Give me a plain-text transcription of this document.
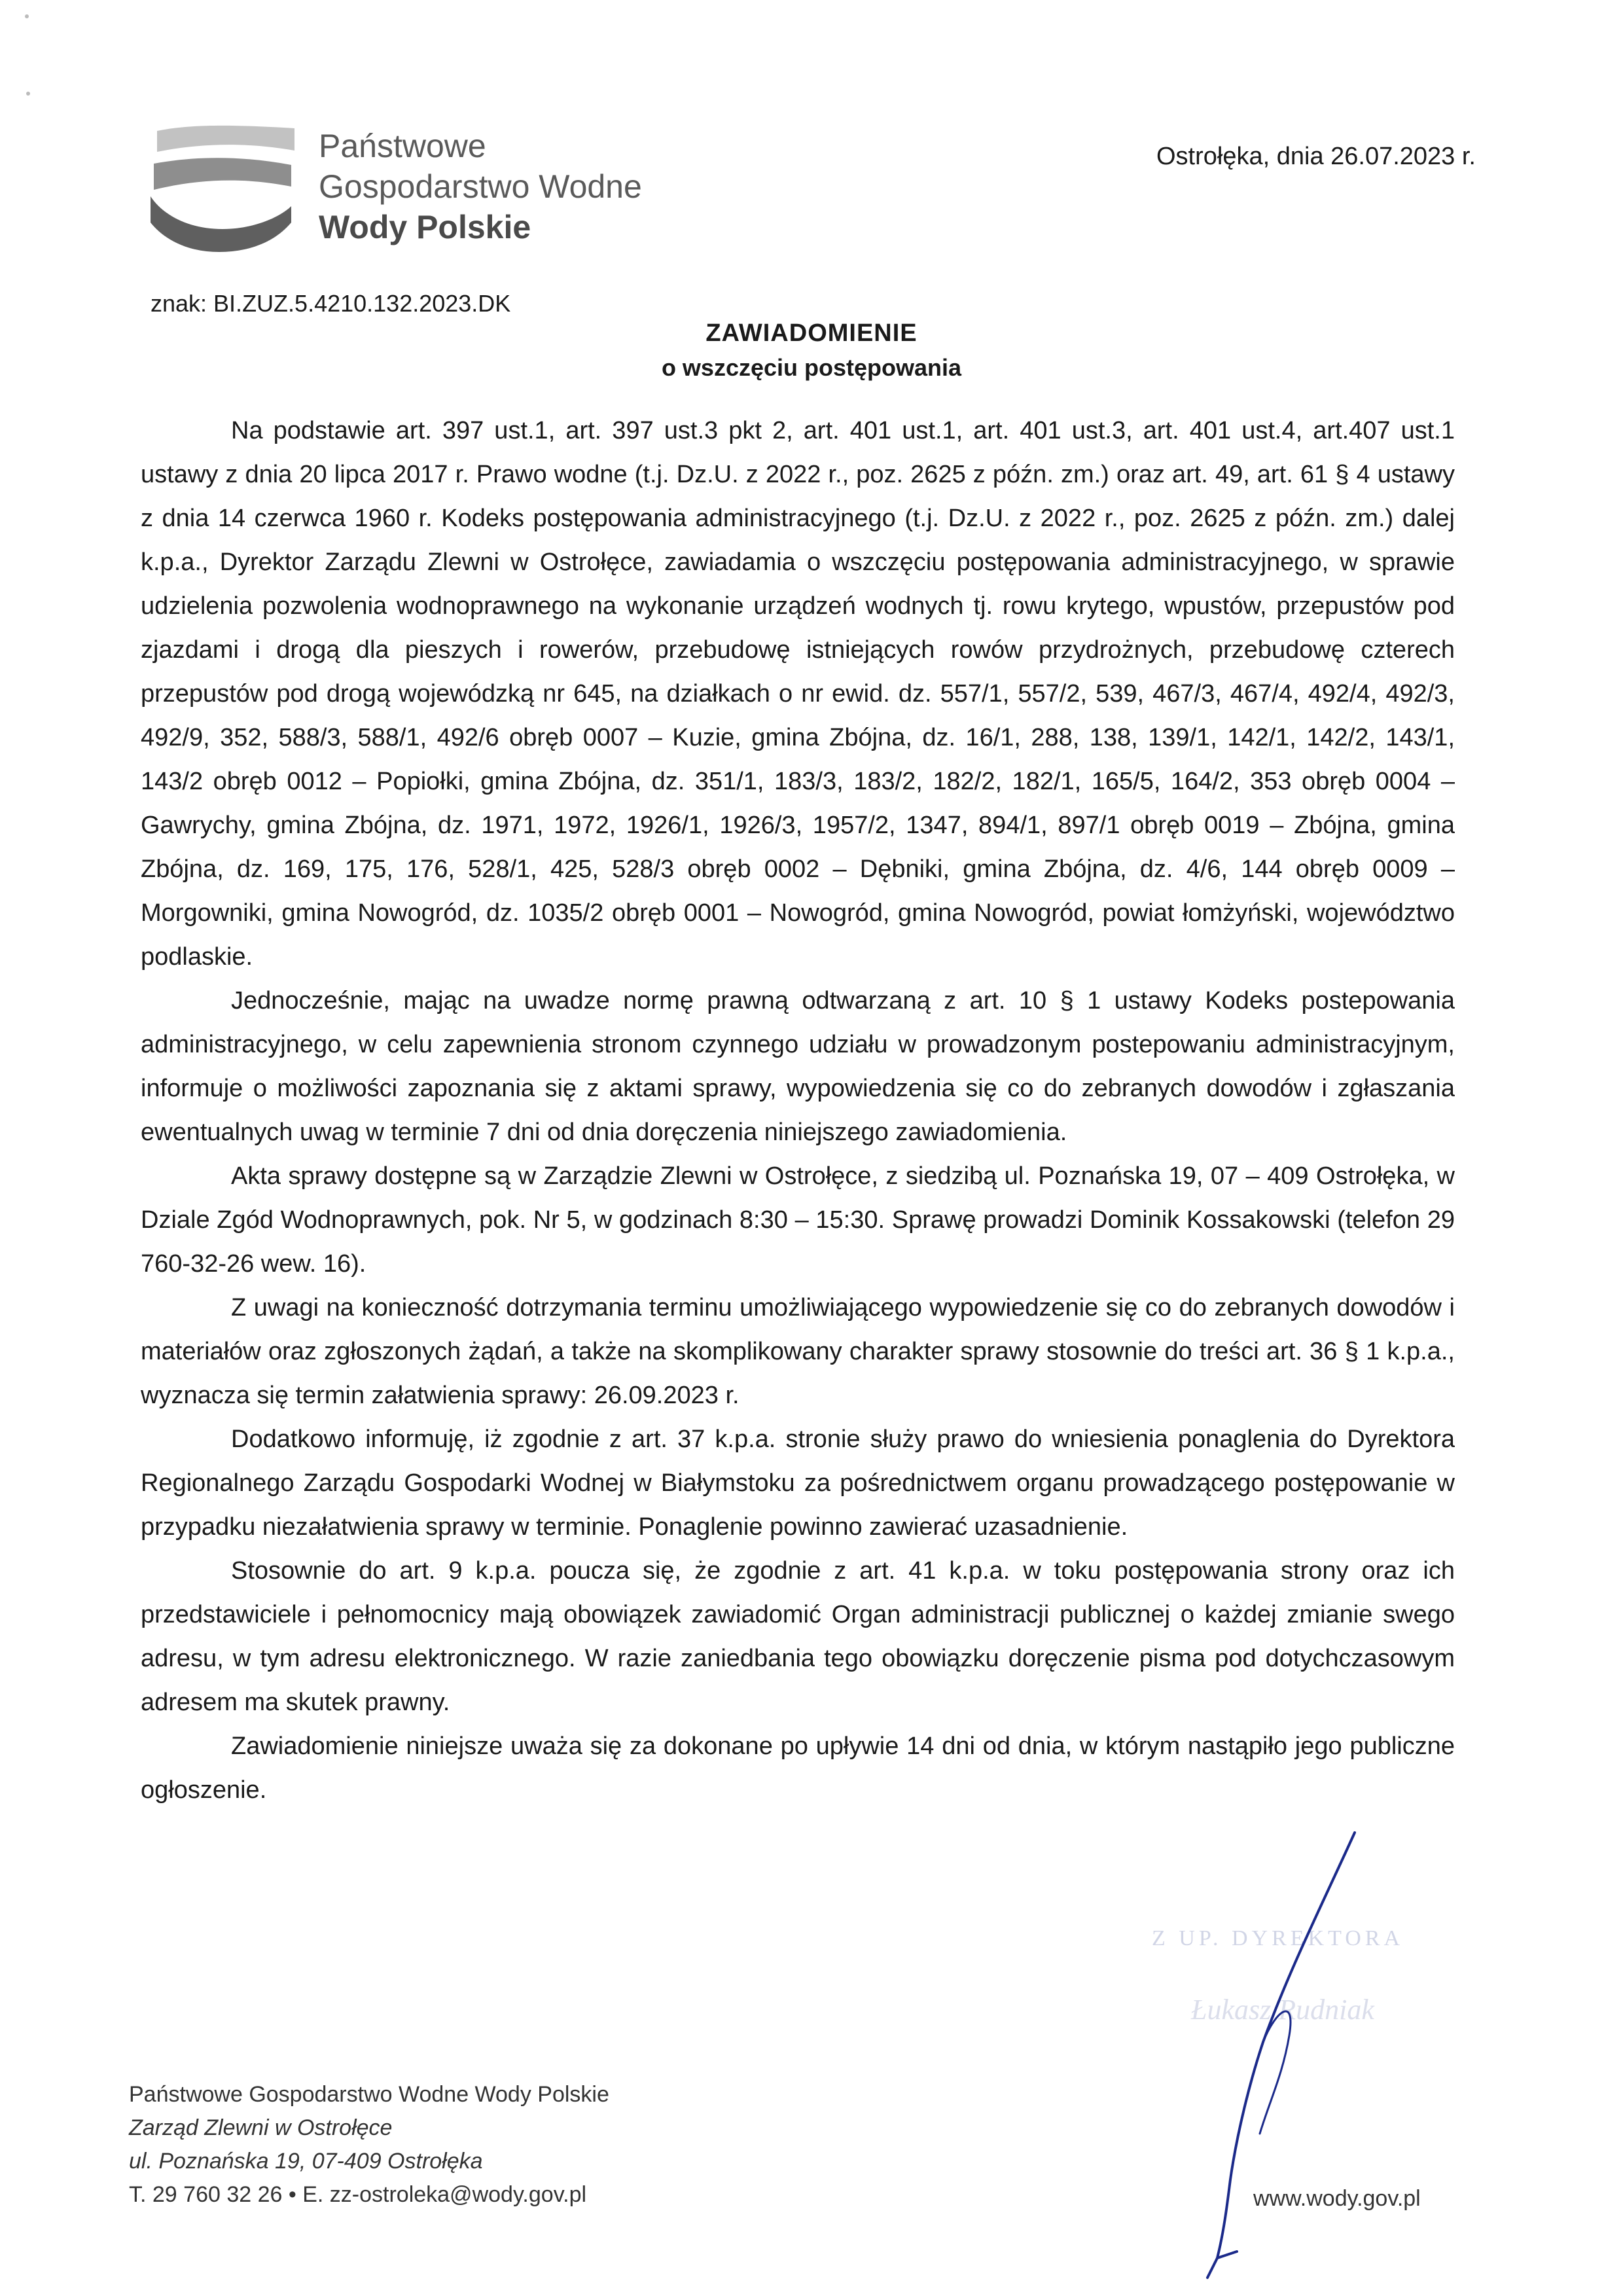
Państwowe
Gospodarstwo Wodne
Wody Polskie
Ostrołęka, dnia 26.07.2023 r.
znak: BI.ZUZ.5.4210.132.2023.DK
ZAWIADOMIENIE
o wszczęciu postępowania

Na podstawie art. 397 ust.1, art. 397 ust.3 pkt 2, art. 401 ust.1, art. 401 ust.3, art. 401 ust.4, art.407 ust.1 ustawy z dnia 20 lipca 2017 r. Prawo wodne (t.j. Dz.U. z 2022 r., poz. 2625 z późn. zm.) oraz art. 49, art. 61 § 4 ustawy z dnia 14 czerwca 1960 r. Kodeks postępowania administracyjnego (t.j. Dz.U. z 2022 r., poz. 2625 z późn. zm.) dalej k.p.a., Dyrektor Zarządu Zlewni w Ostrołęce, zawiadamia o wszczęciu postępowania administracyjnego, w sprawie udzielenia pozwolenia wodnoprawnego na wykonanie urządzeń wodnych tj. rowu krytego, wpustów, przepustów pod zjazdami i drogą dla pieszych i rowerów, przebudowę istniejących rowów przydrożnych, przebudowę czterech przepustów pod drogą wojewódzką nr 645, na działkach o nr ewid. dz. 557/1, 557/2, 539, 467/3, 467/4, 492/4, 492/3, 492/9, 352, 588/3, 588/1, 492/6 obręb 0007 – Kuzie, gmina Zbójna, dz. 16/1, 288, 138, 139/1, 142/1, 142/2, 143/1, 143/2 obręb 0012 – Popiołki, gmina Zbójna, dz. 351/1, 183/3, 183/2, 182/2, 182/1, 165/5, 164/2, 353 obręb 0004 – Gawrychy, gmina Zbójna, dz. 1971, 1972, 1926/1, 1926/3, 1957/2, 1347, 894/1, 897/1 obręb 0019 – Zbójna, gmina Zbójna, dz. 169, 175, 176, 528/1, 425, 528/3 obręb 0002 – Dębniki, gmina Zbójna, dz. 4/6, 144 obręb 0009 – Morgowniki, gmina Nowogród, dz. 1035/2 obręb 0001 – Nowogród, gmina Nowogród, powiat łomżyński, województwo podlaskie.

Jednocześnie, mając na uwadze normę prawną odtwarzaną z art. 10 § 1 ustawy Kodeks postepowania administracyjnego, w celu zapewnienia stronom czynnego udziału w prowadzonym postepowaniu administracyjnym, informuje o możliwości zapoznania się z aktami sprawy, wypowiedzenia się co do zebranych dowodów i zgłaszania ewentualnych uwag w terminie 7 dni od dnia doręczenia niniejszego zawiadomienia.

Akta sprawy dostępne są w Zarządzie Zlewni w Ostrołęce, z siedzibą ul. Poznańska 19, 07 – 409 Ostrołęka, w Dziale Zgód Wodnoprawnych, pok. Nr 5, w godzinach 8:30 – 15:30. Sprawę prowadzi Dominik Kossakowski (telefon 29 760-32-26 wew. 16).

Z uwagi na konieczność dotrzymania terminu umożliwiającego wypowiedzenie się co do zebranych dowodów i materiałów oraz zgłoszonych żądań, a także na skomplikowany charakter sprawy stosownie do treści art. 36 § 1 k.p.a., wyznacza się termin załatwienia sprawy: 26.09.2023 r.

Dodatkowo informuję, iż zgodnie z art. 37 k.p.a. stronie służy prawo do wniesienia ponaglenia do Dyrektora Regionalnego Zarządu Gospodarki Wodnej w Białymstoku za pośrednictwem organu prowadzącego postępowanie w przypadku niezałatwienia sprawy w terminie. Ponaglenie powinno zawierać uzasadnienie.

Stosownie do art. 9 k.p.a. poucza się, że zgodnie z art. 41 k.p.a. w toku postępowania strony oraz ich przedstawiciele i pełnomocnicy mają obowiązek zawiadomić Organ administracji publicznej o każdej zmianie swego adresu, w tym adresu elektronicznego. W razie zaniedbania tego obowiązku doręczenie pisma pod dotychczasowym adresem ma skutek prawny.

Zawiadomienie niniejsze uważa się za dokonane po upływie 14 dni od dnia, w którym nastąpiło jego publiczne ogłoszenie.

Z UP. DYREKTORA
Łukasz Rudniak
Państwowe Gospodarstwo Wodne Wody Polskie
Zarząd Zlewni w Ostrołęce
ul. Poznańska 19, 07-409 Ostrołęka
T. 29 760 32 26 • E. zz-ostroleka@wody.gov.pl	www.wody.gov.pl
